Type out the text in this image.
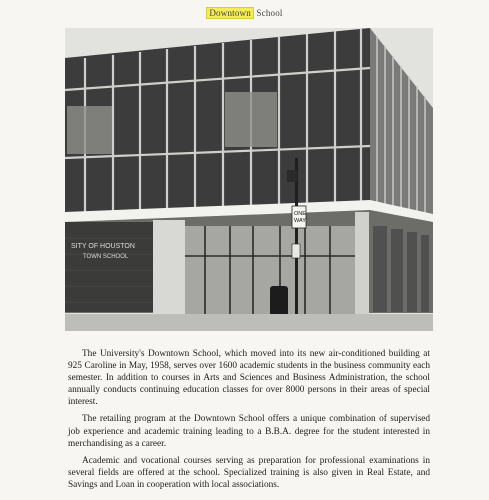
Downtown School
SITY OF HOUSTON
TOWN SCHOOL
ONE
WAY

The University's Downtown School, which moved into its new air-conditioned building at 925 Caroline in May, 1958, serves over 1600 academic students in the business community each semester. In addition to courses in Arts and Sciences and Business Administration, the school annually conducts continuing education classes for over 8000 persons in their areas of special interest.

The retailing program at the Downtown School offers a unique combination of supervised job experience and academic training leading to a B.B.A. degree for the student interested in merchandising as a career.

Academic and vocational courses serving as preparation for professional examinations in several fields are offered at the school. Specialized training is also given in Real Estate, and Savings and Loan in cooperation with local associations.
